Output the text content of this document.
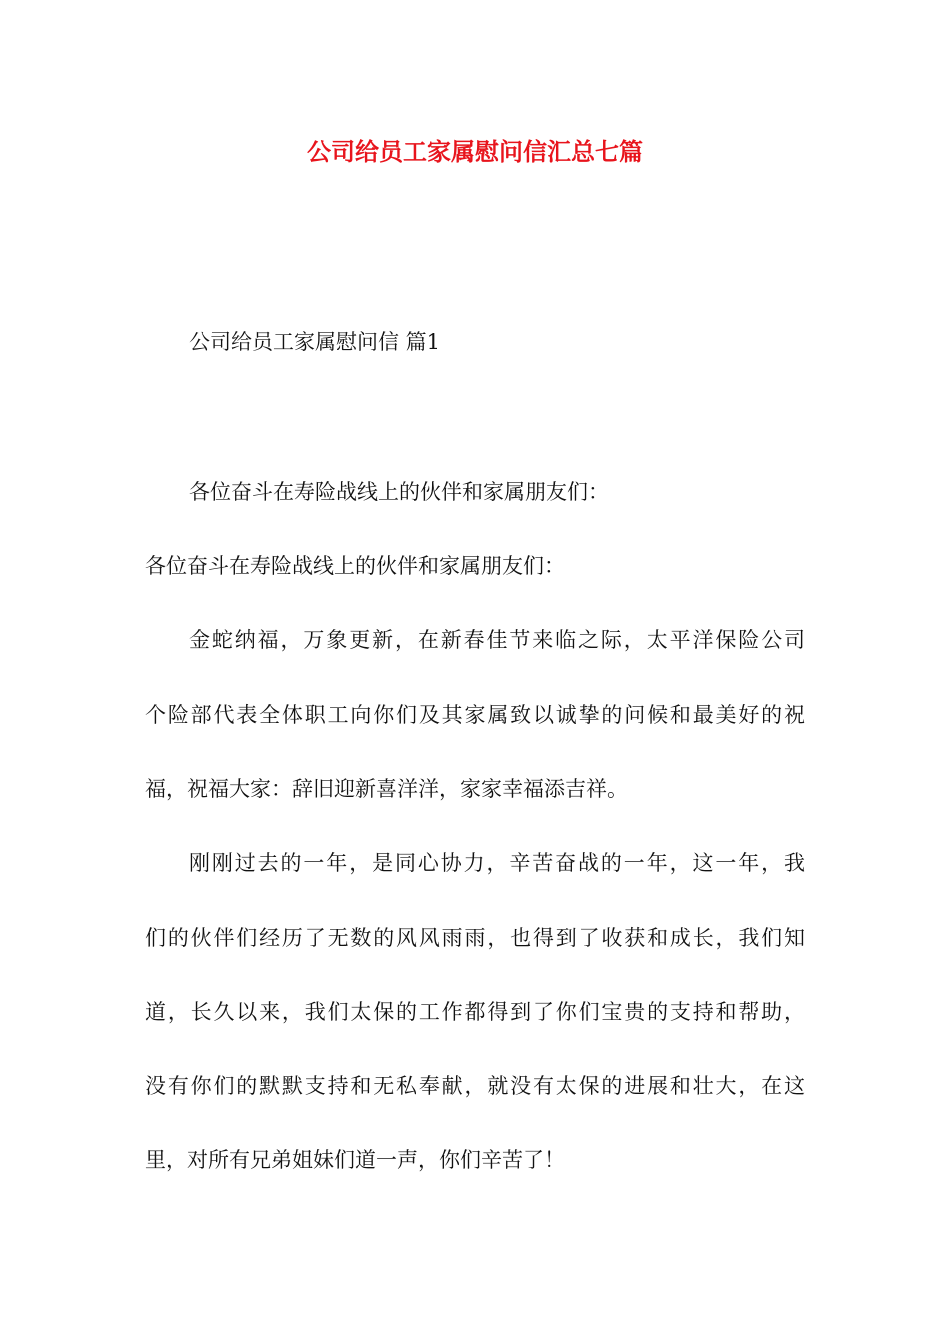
公司给员工家属慰问信汇总七篇
公司给员工家属慰问信 篇1
各位奋斗在寿险战线上的伙伴和家属朋友们：
各位奋斗在寿险战线上的伙伴和家属朋友们：
金蛇纳福，万象更新，在新春佳节来临之际，太平洋保险公司
个险部代表全体职工向你们及其家属致以诚挚的问候和最美好的祝
福，祝福大家：辞旧迎新喜洋洋，家家幸福添吉祥。
刚刚过去的一年，是同心协力，辛苦奋战的一年，这一年，我
们的伙伴们经历了无数的风风雨雨，也得到了收获和成长，我们知
道，长久以来，我们太保的工作都得到了你们宝贵的支持和帮助，
没有你们的默默支持和无私奉献，就没有太保的进展和壮大，在这
里，对所有兄弟姐妹们道一声，你们辛苦了！
